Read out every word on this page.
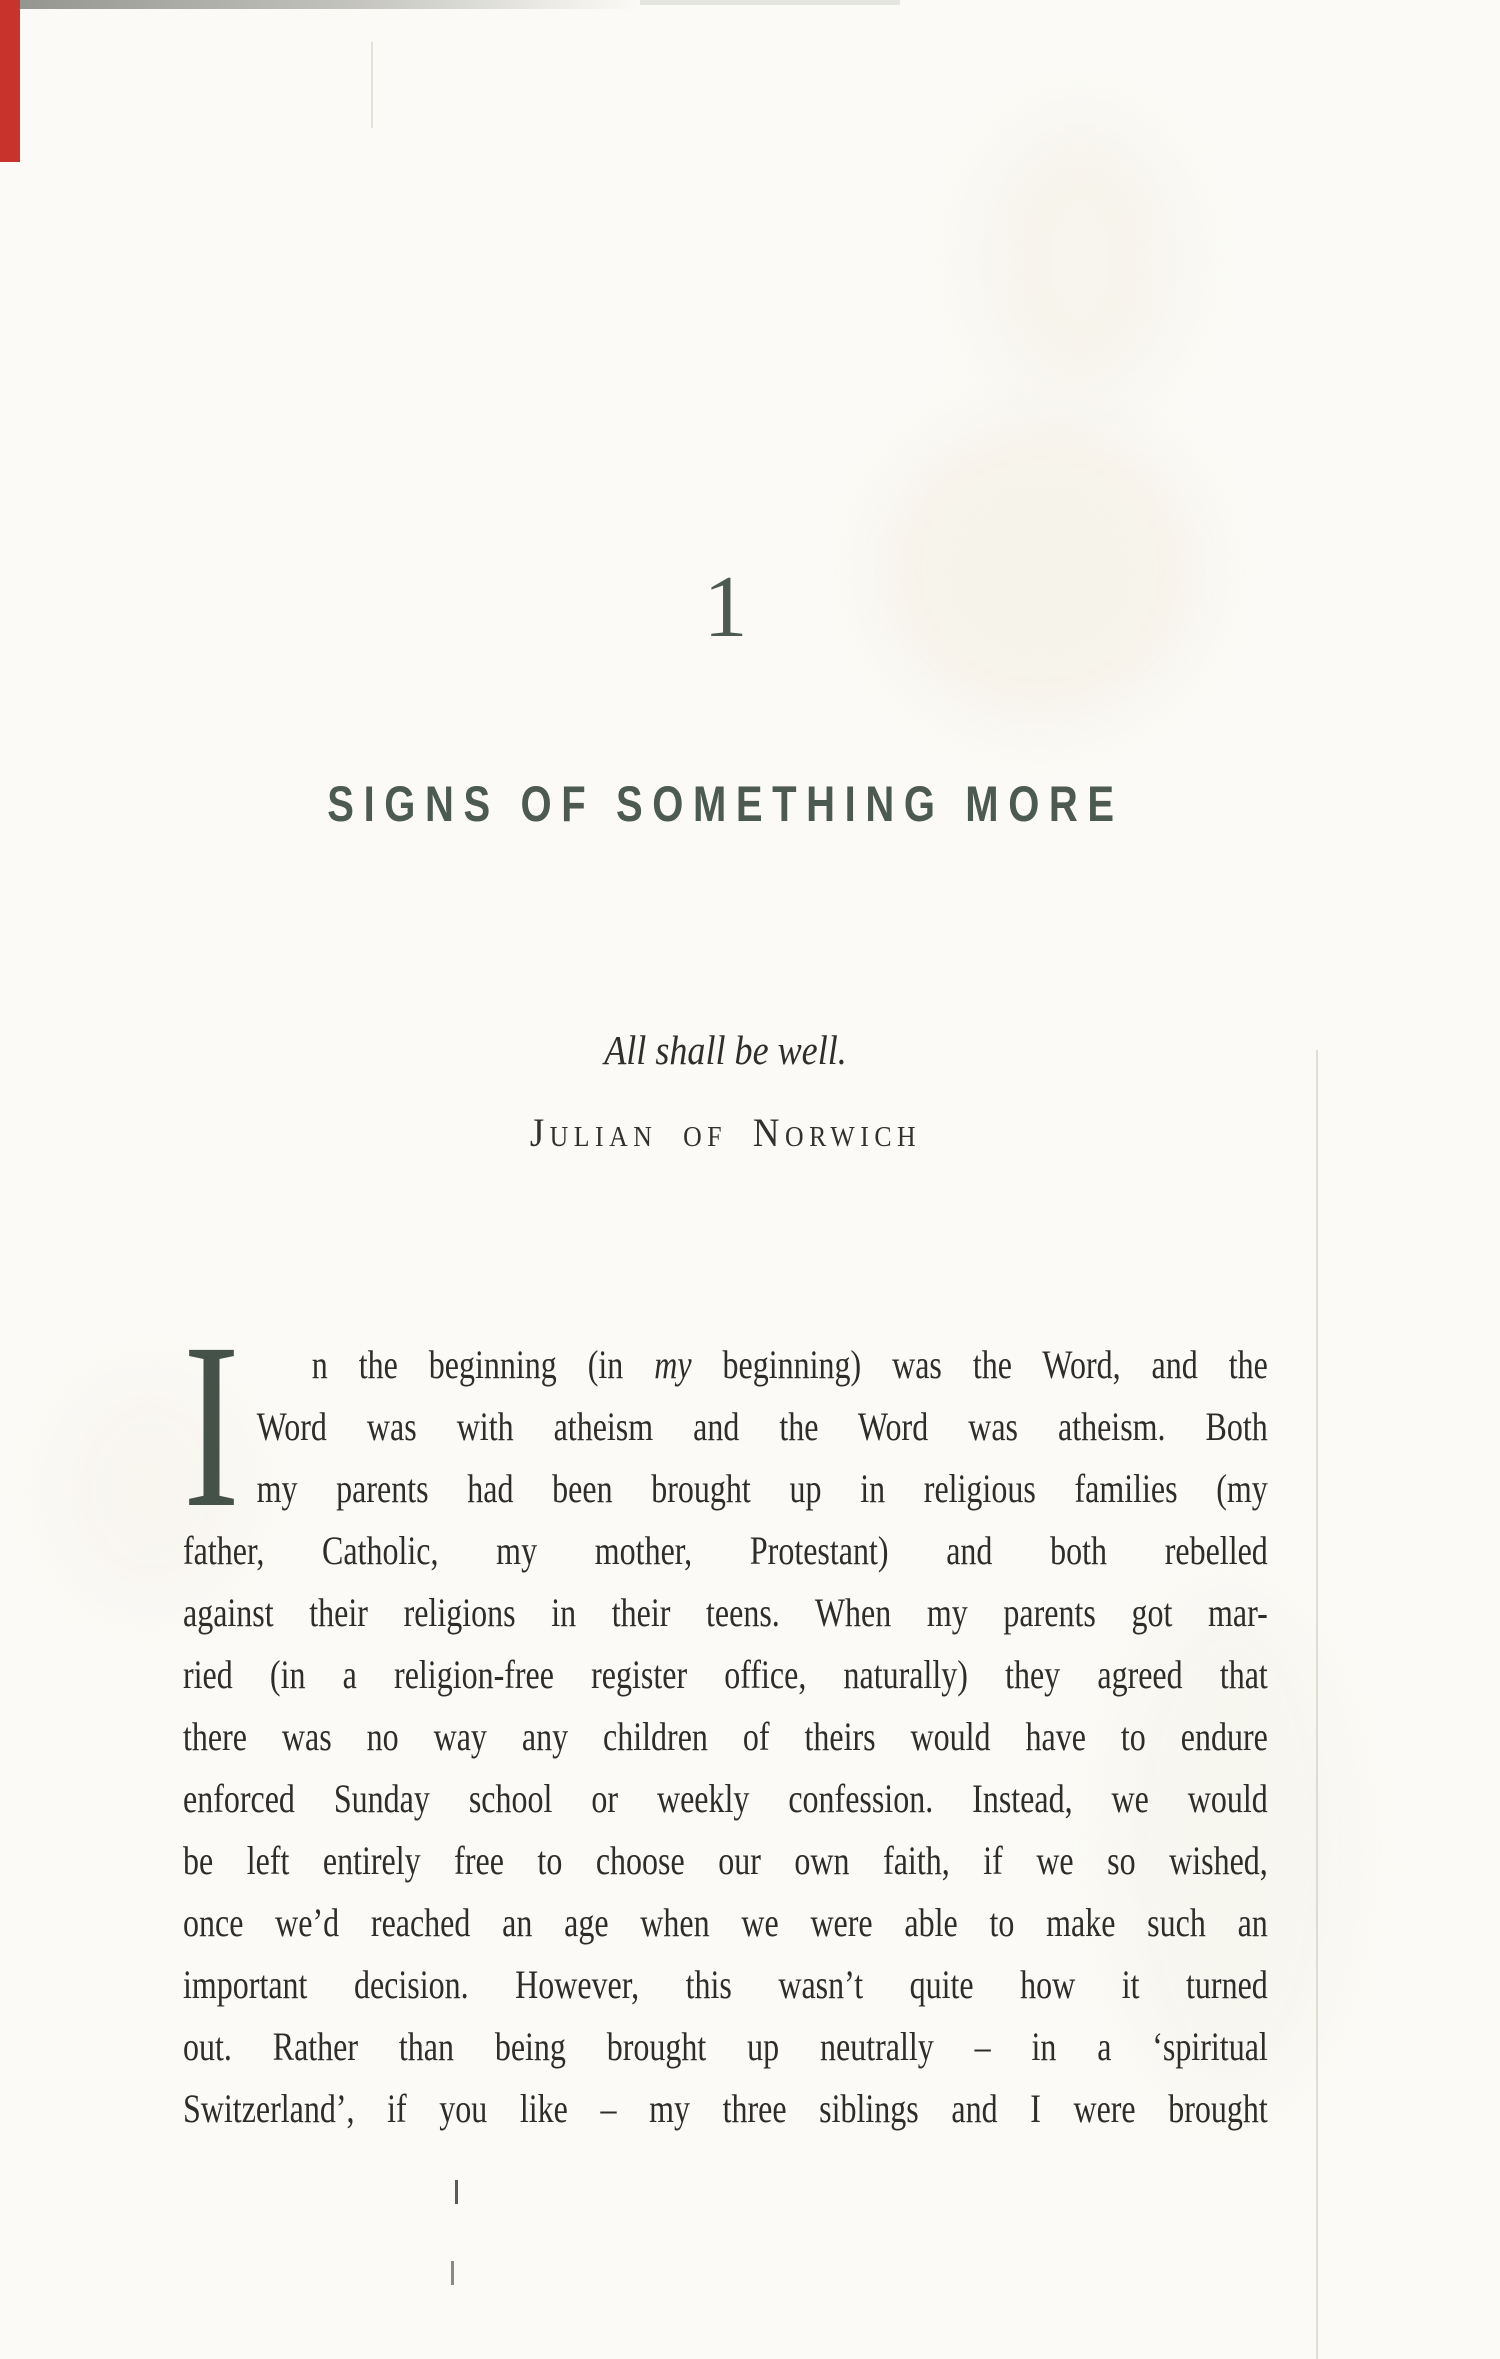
1
SIGNS OF SOMETHING MORE
All shall be well.
Julian of Norwich
I	n the beginning (in my beginning) was the Word, and the
Word was with atheism and the Word was atheism. Both
my parents had been brought up in religious families (my
father, Catholic, my mother, Protestant) and both rebelled
against their religions in their teens. When my parents got mar-
ried (in a religion-free register office, naturally) they agreed that
there was no way any children of theirs would have to endure
enforced Sunday school or weekly confession. Instead, we would
be left entirely free to choose our own faith, if we so wished,
once we’d reached an age when we were able to make such an
important decision. However, this wasn’t quite how it turned
out. Rather than being brought up neutrally – in a ‘spiritual
Switzerland’, if you like – my three siblings and I were brought
